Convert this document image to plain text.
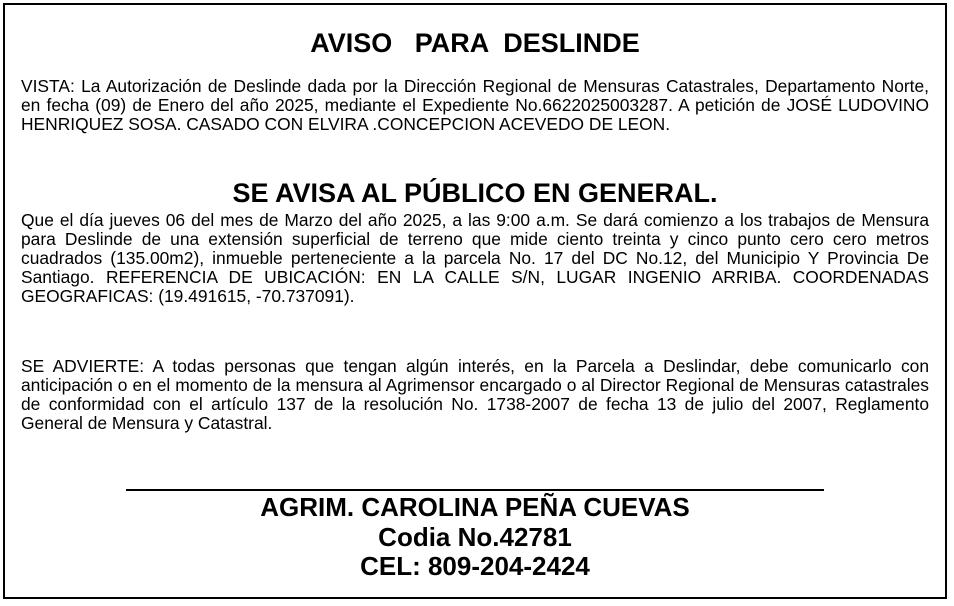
AVISO   PARA  DESLINDE

VISTA: La Autorización de Deslinde dada por la Dirección Regional de Mensuras Catastrales, Departamento Norte, en fecha (09) de Enero del año 2025, mediante el Expediente No.6622025003287. A petición de JOSÉ LUDOVINO HENRIQUEZ SOSA. CASADO CON ELVIRA .CONCEPCION ACEVEDO DE LEON.

SE AVISA AL PÚBLICO EN GENERAL.

Que el día jueves 06 del mes de Marzo del año 2025, a las 9:00 a.m. Se dará comienzo a los trabajos de Mensura para Deslinde de una extensión superficial de terreno que mide ciento treinta y cinco punto cero cero metros cuadrados (135.00m2), inmueble perteneciente a la parcela No. 17 del DC No.12, del Municipio Y Provincia De Santiago. REFERENCIA DE UBICACIÓN: EN LA CALLE S/N, LUGAR INGENIO ARRIBA. COORDENADAS GEOGRAFICAS: (19.491615, -70.737091).

SE ADVIERTE: A todas personas que tengan algún interés, en la Parcela a Deslindar, debe comunicarlo con anticipación o en el momento de la mensura al Agrimensor encargado o al Director Regional de Mensuras catastrales de conformidad con el artículo 137 de la resolución No. 1738-2007 de fecha 13 de julio del 2007, Reglamento General de Mensura y Catastral.

AGRIM. CAROLINA PEÑA CUEVAS
Codia No.42781
CEL: 809-204-2424
